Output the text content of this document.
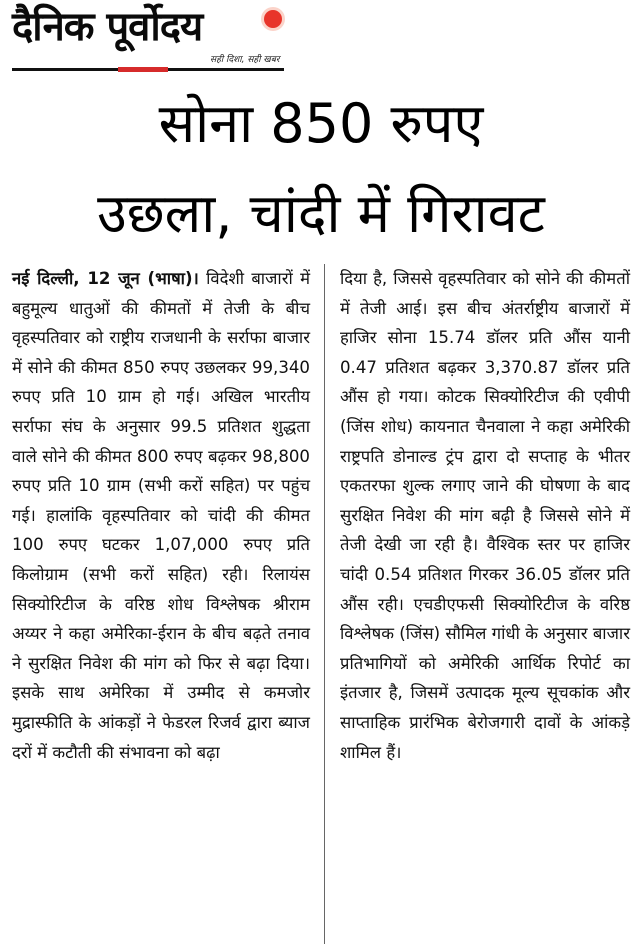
दैनिक पूर्वोदय
सही दिशा, सही खबर
सोना 850 रुपए
उछला, चांदी में गिरावट
नई दिल्ली, 12 जून (भाषा)। विदेशी बाजारों में बहुमूल्य धातुओं की कीमतों में तेजी के बीच वृहस्पतिवार को राष्ट्रीय राजधानी के सर्राफा बाजार में सोने की कीमत 850 रुपए उछलकर 99,340 रुपए प्रति 10 ग्राम हो गई। अखिल भारतीय सर्राफा संघ के अनुसार 99.5 प्रतिशत शुद्धता वाले सोने की कीमत 800 रुपए बढ़कर 98,800 रुपए प्रति 10 ग्राम (सभी करों सहित) पर पहुंच गई। हालांकि वृहस्पतिवार को चांदी की कीमत 100 रुपए घटकर 1,07,000 रुपए प्रति किलोग्राम (सभी करों सहित) रही। रिलायंस सिक्योरिटीज के वरिष्ठ शोध विश्लेषक श्रीराम अय्यर ने कहा अमेरिका-ईरान के बीच बढ़ते तनाव ने सुरक्षित निवेश की मांग को फिर से बढ़ा दिया। इसके साथ अमेरिका में उम्मीद से कमजोर मुद्रास्फीति के आंकड़ों ने फेडरल रिजर्व द्वारा ब्याज दरों में कटौती की संभावना को बढ़ा
दिया है, जिससे वृहस्पतिवार को सोने की कीमतों में तेजी आई। इस बीच अंतर्राष्ट्रीय बाजारों में हाजिर सोना 15.74 डॉलर प्रति औंस यानी 0.47 प्रतिशत बढ़कर 3,370.87 डॉलर प्रति औंस हो गया। कोटक सिक्योरिटीज की एवीपी (जिंस शोध) कायनात चैनवाला ने कहा अमेरिकी राष्ट्रपति डोनाल्ड ट्रंप द्वारा दो सप्ताह के भीतर एकतरफा शुल्क लगाए जाने की घोषणा के बाद सुरक्षित निवेश की मांग बढ़ी है जिससे सोने में तेजी देखी जा रही है। वैश्विक स्तर पर हाजिर चांदी 0.54 प्रतिशत गिरकर 36.05 डॉलर प्रति औंस रही। एचडीएफसी सिक्योरिटीज के वरिष्ठ विश्लेषक (जिंस) सौमिल गांधी के अनुसार बाजार प्रतिभागियों को अमेरिकी आर्थिक रिपोर्ट का इंतजार है, जिसमें उत्पादक मूल्य सूचकांक और साप्ताहिक प्रारंभिक बेरोजगारी दावों के आंकड़े शामिल हैं।
